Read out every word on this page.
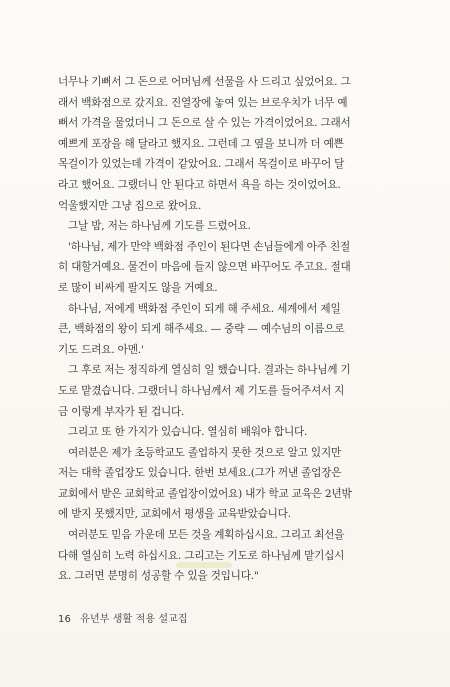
너무나 기뻐서 그 돈으로 어머님께 선물을 사 드리고 싶었어요. 그
래서 백화점으로 갔지요. 진열장에 놓여 있는 브로우치가 너무 예
뻐서 가격을 물었더니 그 돈으로 살 수 있는 가격이었어요. 그래서
예쁘게 포장을 해 달라고 했지요. 그런데 그 옆을 보니까 더 예쁜
목걸이가 있었는데 가격이 같았어요. 그래서 목걸이로 바꾸어 달
라고 했어요. 그랬더니 안 된다고 하면서 욕을 하는 것이었어요.
억울했지만 그냥 집으로 왔어요.
그날 밤, 저는 하나님께 기도를 드렸어요.
'하나님, 제가 만약 백화점 주인이 된다면 손님들에게 아주 친절
히 대할거예요. 물건이 마음에 들지 않으면 바꾸어도 주고요. 절대
로 많이 비싸게 팔지도 않을 거예요.
하나님, 저에게 백화점 주인이 되게 해 주세요. 세계에서 제일
큰, 백화점의 왕이 되게 해주세요. — 중략 — 예수님의 이름으로
기도 드려요. 아멘.'
그 후로 저는 정직하게 열심히 일 했습니다. 결과는 하나님께 기
도로 맡겼습니다. 그랬더니 하나님께서 제 기도를 들어주셔서 지
금 이렇게 부자가 된 겁니다.
그리고 또 한 가지가 있습니다. 열심히 배워야 합니다.
여러분은 제가 초등학교도 졸업하지 못한 것으로 알고 있지만
저는 대학 졸업장도 있습니다. 한번 보세요.(그가 꺼낸 졸업장은
교회에서 받은 교회학교 졸업장이었어요) 내가 학교 교육은 2년밖
에 받지 못했지만, 교회에서 평생을 교육받았습니다.
여러분도 믿음 가운데 모든 것을 계획하십시요. 그리고 최선을
다해 열심히 노력 하십시요. 그리고는 기도로 하나님께 맡기십시
요. 그러면 분명히 성공할 수 있을 것입니다."
16 유년부 생활 적용 설교집
